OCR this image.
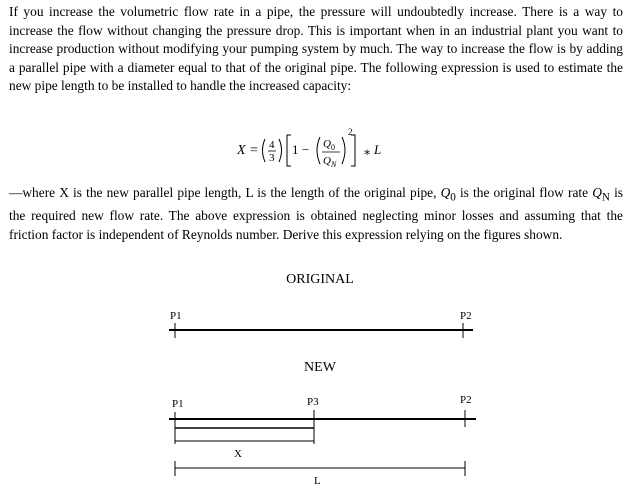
If you increase the volumetric flow rate in a pipe, the pressure will undoubtedly increase. There is a way to increase the flow without changing the pressure drop. This is important when in an industrial plant you want to increase production without modifying your pumping system by much. The way to increase the flow is by adding a parallel pipe with a diameter equal to that of the original pipe. The following expression is used to estimate the new pipe length to be installed to handle the increased capacity:

X = 4
3
1 − Q 0
Q N
2
∗ L

—where X is the new parallel pipe length, L is the length of the original pipe, $Q_0$ is the original flow rate $Q_N$ is the required new flow rate. The above expression is obtained neglecting minor losses and assuming that the friction factor is independent of Reynolds number. Derive this expression relying on the figures shown.

ORIGINAL
NEW
P1	P2
P1	P3	P2
X
L
